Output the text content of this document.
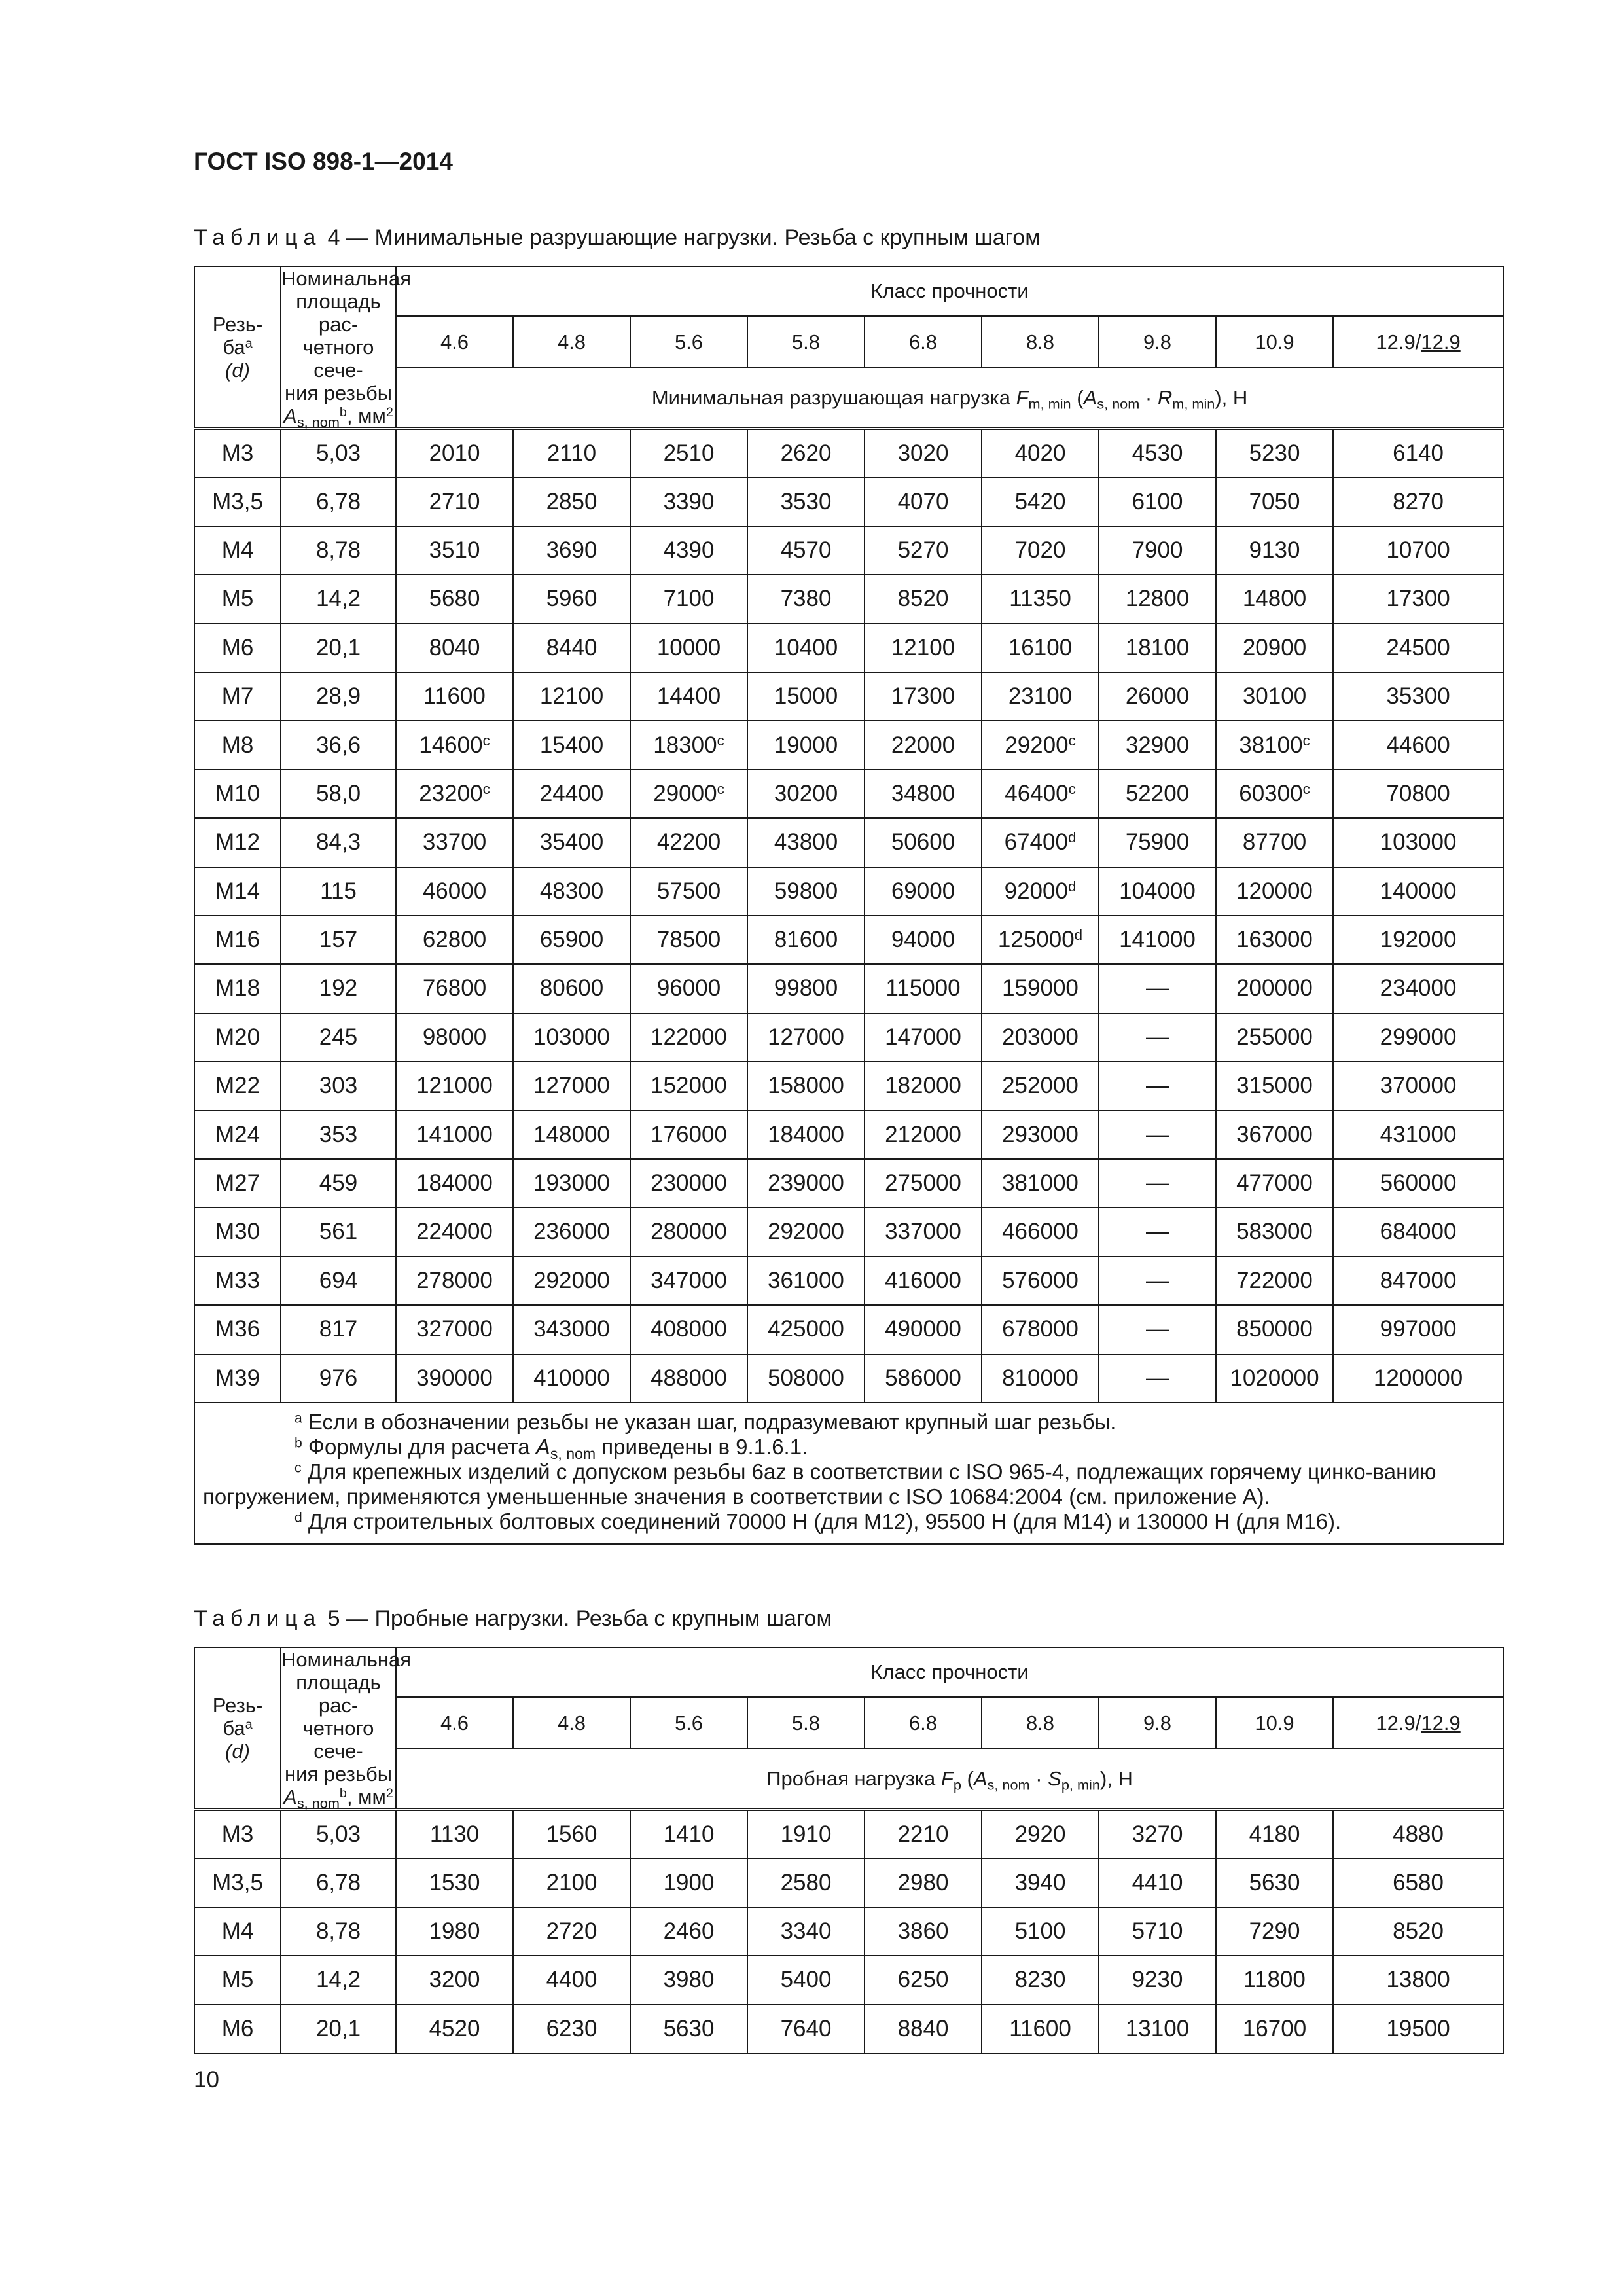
ГОСТ ISO 898-1—2014
Таблица 4 — Минимальные разрушающие нагрузки. Резьба с крупным шагом
Резь-
$ба^a$
(d)	Номинальная
площадь рас-
четного сече-
ния резьбы
$A_{s, nom}^b$, $мм^2$	Класс прочности								
		4.6	4.8	5.6	5.8	6.8	8.8	9.8	10.9	12.9/12.9
		Минимальная разрушающая нагрузка $F_{m, min}$ $(A_{s, nom} \cdot R_{m, min})$, Н								
M3	5,03	2010	2110	2510	2620	3020	4020	4530	5230	6140
M3,5	6,78	2710	2850	3390	3530	4070	5420	6100	7050	8270
M4	8,78	3510	3690	4390	4570	5270	7020	7900	9130	10700
M5	14,2	5680	5960	7100	7380	8520	11350	12800	14800	17300
M6	20,1	8040	8440	10000	10400	12100	16100	18100	20900	24500
M7	28,9	11600	12100	14400	15000	17300	23100	26000	30100	35300
M8	36,6	14600$^c$	15400	18300$^c$	19000	22000	29200$^c$	32900	38100$^c$	44600
M10	58,0	23200$^c$	24400	29000$^c$	30200	34800	46400$^c$	52200	60300$^c$	70800
M12	84,3	33700	35400	42200	43800	50600	67400$^d$	75900	87700	103000
M14	115	46000	48300	57500	59800	69000	92000$^d$	104000	120000	140000
M16	157	62800	65900	78500	81600	94000	125000$^d$	141000	163000	192000
M18	192	76800	80600	96000	99800	115000	159000	—	200000	234000
M20	245	98000	103000	122000	127000	147000	203000	—	255000	299000
M22	303	121000	127000	152000	158000	182000	252000	—	315000	370000
M24	353	141000	148000	176000	184000	212000	293000	—	367000	431000
M27	459	184000	193000	230000	239000	275000	381000	—	477000	560000
M30	561	224000	236000	280000	292000	337000	466000	—	583000	684000
M33	694	278000	292000	347000	361000	416000	576000	—	722000	847000
M36	817	327000	343000	408000	425000	490000	678000	—	850000	997000
M39	976	390000	410000	488000	508000	586000	810000	—	1020000	1200000

$^a$ Если в обозначении резьбы не указан шаг, подразумевают крупный шаг резьбы.

$^b$ Формулы для расчета $A_{s, nom}$ приведены в 9.1.6.1.

$^c$ Для крепежных изделий с допуском резьбы 6az в соответствии с ISO 965-4, подлежащих горячему цинко-ванию погружением, применяются уменьшенные значения в соответствии с ISO 10684:2004 (см. приложение А).

$^d$ Для строительных болтовых соединений 70000 Н (для М12), 95500 Н (для М14) и 130000 Н (для М16).										

Таблица 5 — Пробные нагрузки. Резьба с крупным шагом
Резь-
$ба^a$
(d)	Номинальная
площадь рас-
четного сече-
ния резьбы
$A_{s, nom}^b$, $мм^2$	Класс прочности								
		4.6	4.8	5.6	5.8	6.8	8.8	9.8	10.9	12.9/12.9
		Пробная нагрузка $F_p$ $(A_{s, nom} \cdot S_{p, min})$, Н								
M3	5,03	1130	1560	1410	1910	2210	2920	3270	4180	4880
M3,5	6,78	1530	2100	1900	2580	2980	3940	4410	5630	6580
M4	8,78	1980	2720	2460	3340	3860	5100	5710	7290	8520
M5	14,2	3200	4400	3980	5400	6250	8230	9230	11800	13800
M6	20,1	4520	6230	5630	7640	8840	11600	13100	16700	19500
10
